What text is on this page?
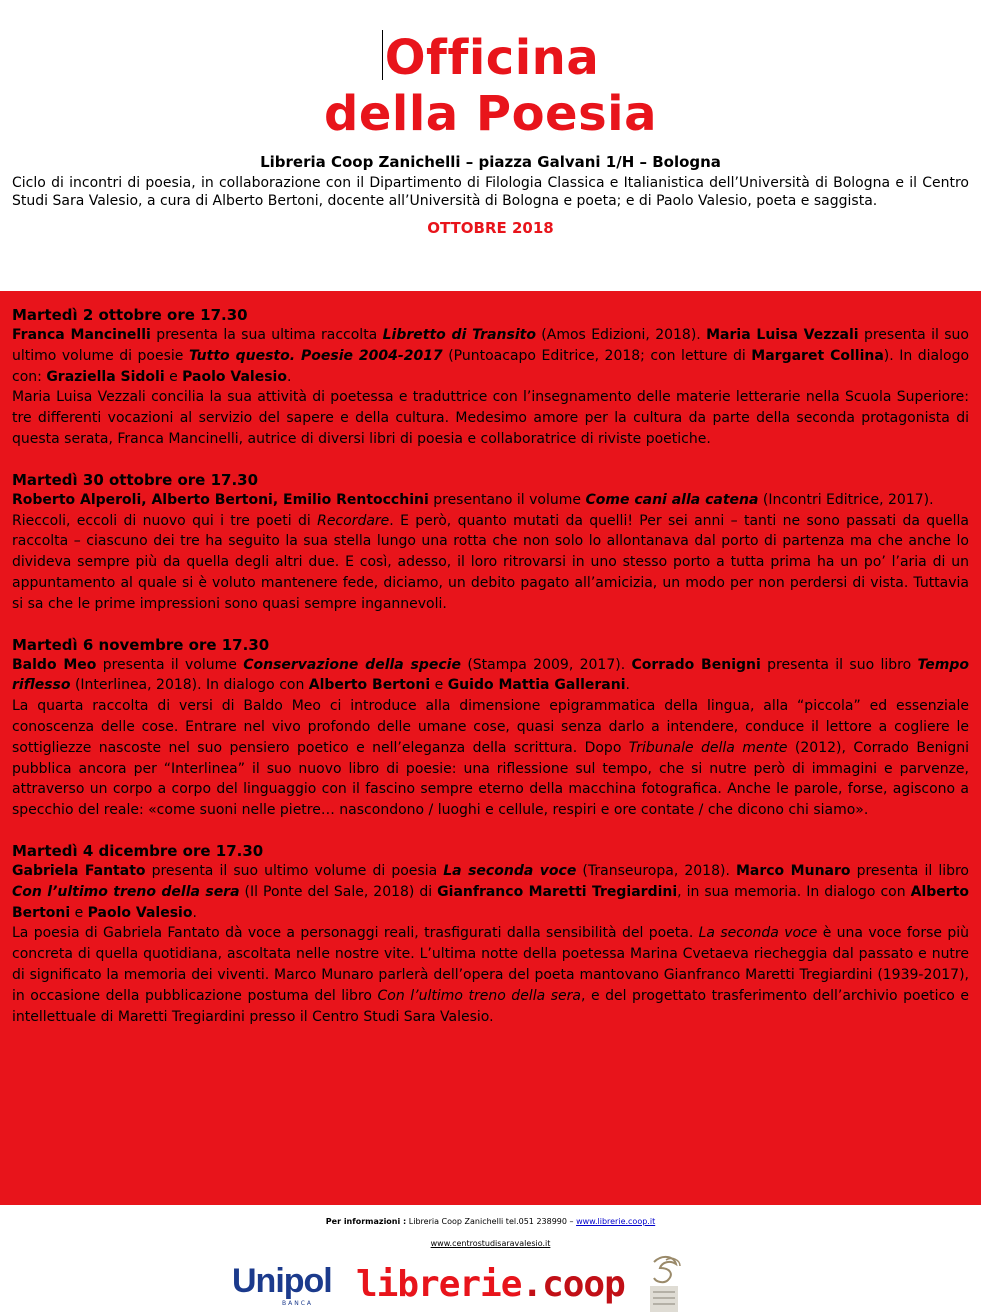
Officina
della Poesia
Libreria Coop Zanichelli – piazza Galvani 1/H – Bologna
Ciclo di incontri di poesia, in collaborazione con il Dipartimento di Filologia Classica e Italianistica dell’Università di Bologna e il Centro Studi Sara Valesio, a cura di Alberto Bertoni, docente all’Università di Bologna e poeta; e di Paolo Valesio, poeta e saggista.
OTTOBRE 2018
Martedì 2 ottobre ore 17.30

Franca Mancinelli presenta la sua ultima raccolta Libretto di Transito (Amos Edizioni, 2018). Maria Luisa Vezzali presenta il suo ultimo volume di poesie Tutto questo. Poesie 2004-2017 (Puntoacapo Editrice, 2018; con letture di Margaret Collina). In dialogo con: Graziella Sidoli e Paolo Valesio.

Maria Luisa Vezzali concilia la sua attività di poetessa e traduttrice con l’insegnamento delle materie letterarie nella Scuola Superiore: tre differenti vocazioni al servizio del sapere e della cultura. Medesimo amore per la cultura da parte della seconda protagonista di questa serata, Franca Mancinelli, autrice di diversi libri di poesia e collaboratrice di riviste poetiche.

Martedì 30 ottobre ore 17.30

Roberto Alperoli, Alberto Bertoni, Emilio Rentocchini presentano il volume Come cani alla catena (Incontri Editrice, 2017).

Rieccoli, eccoli di nuovo qui i tre poeti di Recordare. E però, quanto mutati da quelli! Per sei anni – tanti ne sono passati da quella raccolta – ciascuno dei tre ha seguito la sua stella lungo una rotta che non solo lo allontanava dal porto di partenza ma che anche lo divideva sempre più da quella degli altri due. E così, adesso, il loro ritrovarsi in uno stesso porto a tutta prima ha un po’ l’aria di un appuntamento al quale si è voluto mantenere fede, diciamo, un debito pagato all’amicizia, un modo per non perdersi di vista. Tuttavia si sa che le prime impressioni sono quasi sempre ingannevoli.

Martedì 6 novembre ore 17.30

Baldo Meo presenta il volume Conservazione della specie (Stampa 2009, 2017). Corrado Benigni presenta il suo libro Tempo riflesso (Interlinea, 2018). In dialogo con Alberto Bertoni e Guido Mattia Gallerani.

La quarta raccolta di versi di Baldo Meo ci introduce alla dimensione epigrammatica della lingua, alla “piccola” ed essenziale conoscenza delle cose. Entrare nel vivo profondo delle umane cose, quasi senza darlo a intendere, conduce il lettore a cogliere le sottigliezze nascoste nel suo pensiero poetico e nell’eleganza della scrittura. Dopo Tribunale della mente (2012), Corrado Benigni pubblica ancora per “Interlinea” il suo nuovo libro di poesie: una riflessione sul tempo, che si nutre però di immagini e parvenze, attraverso un corpo a corpo del linguaggio con il fascino sempre eterno della macchina fotografica. Anche le parole, forse, agiscono a specchio del reale: «come suoni nelle pietre… nascondono / luoghi e cellule, respiri e ore contate / che dicono chi siamo».

Martedì 4 dicembre ore 17.30

Gabriela Fantato presenta il suo ultimo volume di poesia La seconda voce (Transeuropa, 2018). Marco Munaro presenta il libro Con l’ultimo treno della sera (Il Ponte del Sale, 2018) di Gianfranco Maretti Tregiardini, in sua memoria. In dialogo con Alberto Bertoni e Paolo Valesio.

La poesia di Gabriela Fantato dà voce a personaggi reali, trasfigurati dalla sensibilità del poeta. La seconda voce è una voce forse più concreta di quella quotidiana, ascoltata nelle nostre vite. L’ultima notte della poetessa Marina Cvetaeva riecheggia dal passato e nutre di significato la memoria dei viventi. Marco Munaro parlerà dell’opera del poeta mantovano Gianfranco Maretti Tregiardini (1939-2017), in occasione della pubblicazione postuma del libro Con l’ultimo treno della sera, e del progettato trasferimento dell’archivio poetico e intellettuale di Maretti Tregiardini presso il Centro Studi Sara Valesio.

Per informazioni : Libreria Coop Zanichelli tel.051 238990 – www.librerie.coop.it
www.centrostudisaravalesio.it
Unipol
BANCA librerie.coop
